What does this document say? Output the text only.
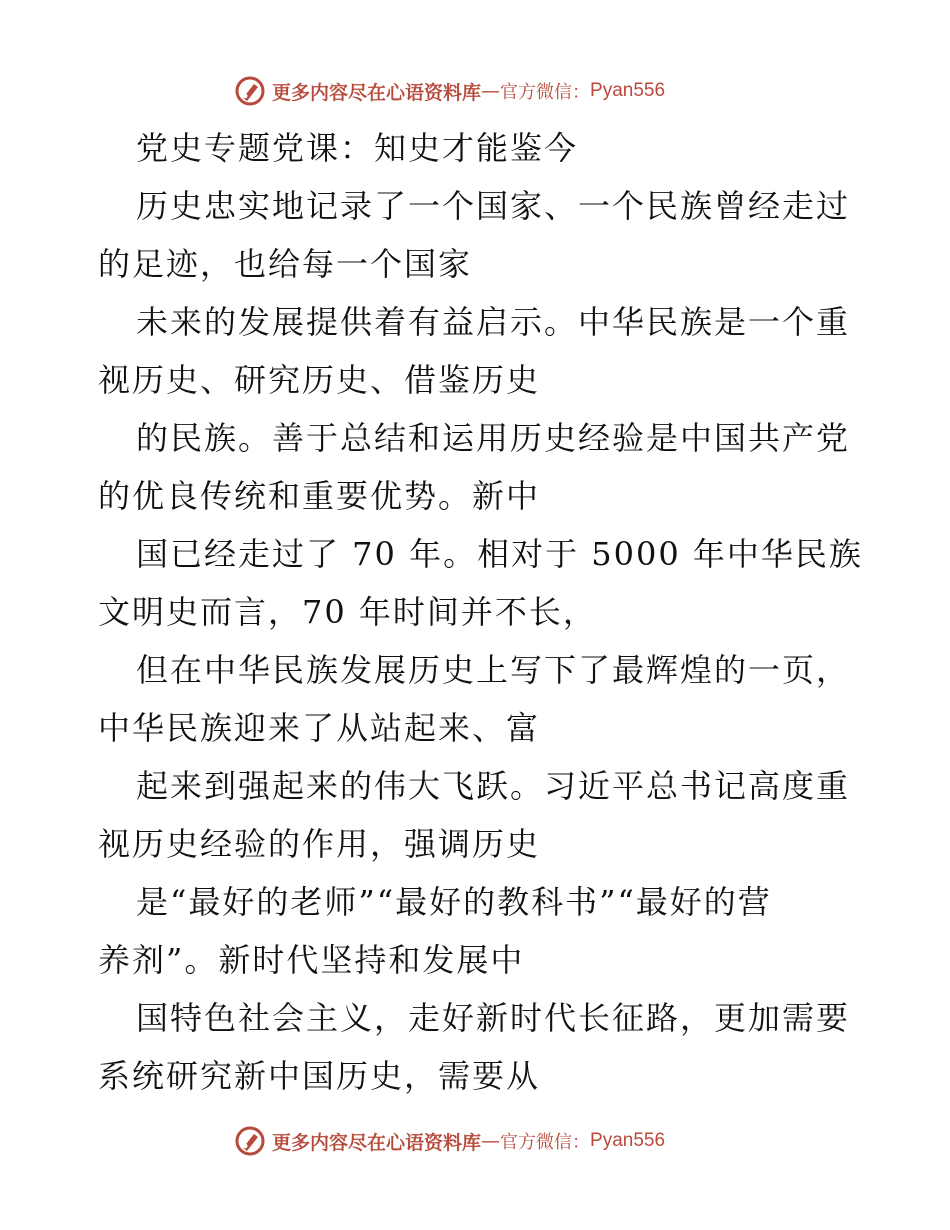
更多内容尽在心语资料库 — 官方微信： Pyan556
党史专题党课：知史才能鉴今
历史忠实地记录了一个国家、一个民族曾经走过
的足迹，也给每一个国家
未来的发展提供着有益启示。中华民族是一个重
视历史、研究历史、借鉴历史
的民族。善于总结和运用历史经验是中国共产党
的优良传统和重要优势。新中
国已经走过了 70 年。相对于 5000 年中华民族
文明史而言，70 年时间并不长，
但在中华民族发展历史上写下了最辉煌的一页，
中华民族迎来了从站起来、富
起来到强起来的伟大飞跃。习近平总书记高度重
视历史经验的作用，强调历史
是“最好的老师”“最好的教科书”“最好的营
养剂”。新时代坚持和发展中
国特色社会主义，走好新时代长征路，更加需要
系统研究新中国历史，需要从
更多内容尽在心语资料库 — 官方微信： Pyan556
